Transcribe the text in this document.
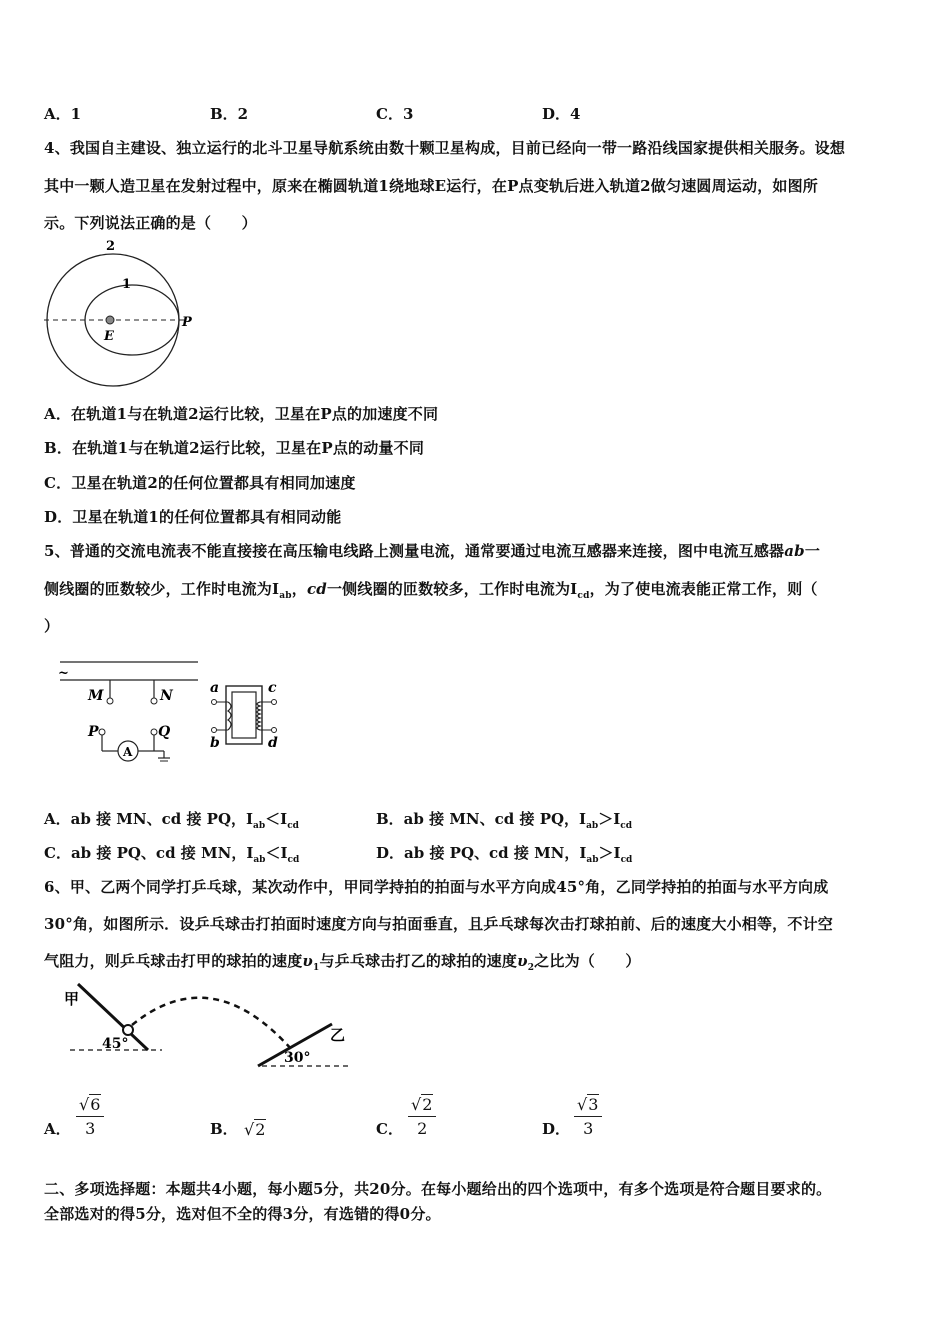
A．1	B．2	C．3	D．4
4、我国自主建设、独立运行的北斗卫星导航系统由数十颗卫星构成，目前已经向一带一路沿线国家提供相关服务。设想
其中一颗人造卫星在发射过程中，原来在椭圆轨道1绕地球E运行，在P点变轨后进入轨道2做匀速圆周运动，如图所
示。下列说法正确的是（　　）
2
1
E
P
A．在轨道1与在轨道2运行比较，卫星在P点的加速度不同
B．在轨道1与在轨道2运行比较，卫星在P点的动量不同
C．卫星在轨道2的任何位置都具有相同加速度
D．卫星在轨道1的任何位置都具有相同动能
5、普通的交流电流表不能直接接在高压输电线路上测量电流，通常要通过电流互感器来连接，图中电流互感器ab一
侧线圈的匝数较少，工作时电流为$I_{ab}$，cd一侧线圈的匝数较多，工作时电流为$I_{cd}$，为了使电流表能正常工作，则（
）
~
M	N
P
A
Q
a
b
c
d
A．ab 接 MN、cd 接 PQ，$I_{ab}<I_{cd}$	B．ab 接 MN、cd 接 PQ，$I_{ab}>I_{cd}$
C．ab 接 PQ、cd 接 MN，$I_{ab}<I_{cd}$	D．ab 接 PQ、cd 接 MN，$I_{ab}>I_{cd}$
6、甲、乙两个同学打乒乓球，某次动作中，甲同学持拍的拍面与水平方向成45°角，乙同学持拍的拍面与水平方向成
30°角，如图所示．设乒乓球击打拍面时速度方向与拍面垂直，且乒乓球每次击打球拍前、后的速度大小相等，不计空
气阻力，则乒乓球击打甲的球拍的速度$\upsilon_1$与乒乓球击打乙的球拍的速度$\upsilon_2$之比为（　　）
甲
乙
45°
30°
A． $\frac{√6}{3}$	B． √2	C． $\frac{√2}{2}$	D． $\frac{√3}{3}$
二、多项选择题：本题共4小题，每小题5分，共20分。在每小题给出的四个选项中，有多个选项是符合题目要求的。
全部选对的得5分，选对但不全的得3分，有选错的得0分。
